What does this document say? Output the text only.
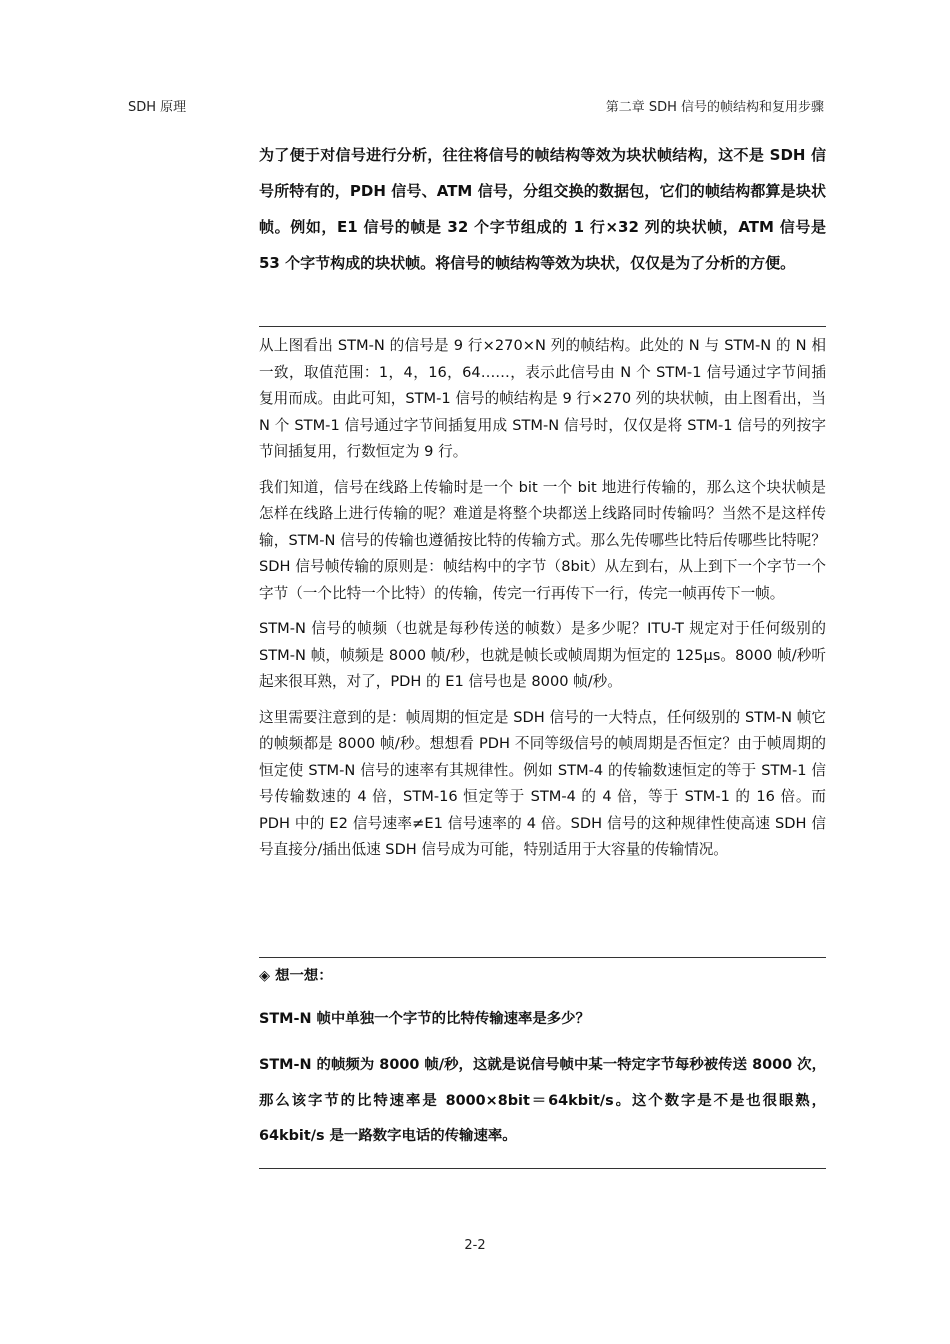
SDH 原理	第二章 SDH 信号的帧结构和复用步骤
为了便于对信号进行分析，往往将信号的帧结构等效为块状帧结构，这不是 SDH 信号所特有的，PDH 信号、ATM 信号，分组交换的数据包，它们的帧结构都算是块状帧。例如，E1 信号的帧是 32 个字节组成的 1 行×32 列的块状帧，ATM 信号是 53 个字节构成的块状帧。将信号的帧结构等效为块状，仅仅是为了分析的方便。

从上图看出 STM-N 的信号是 9 行×270×N 列的帧结构。此处的 N 与 STM-N 的 N 相一致，取值范围：1，4，16，64……，表示此信号由 N 个 STM-1 信号通过字节间插复用而成。由此可知，STM-1 信号的帧结构是 9 行×270 列的块状帧，由上图看出，当 N 个 STM-1 信号通过字节间插复用成 STM-N 信号时，仅仅是将 STM-1 信号的列按字节间插复用，行数恒定为 9 行。

我们知道，信号在线路上传输时是一个 bit 一个 bit 地进行传输的，那么这个块状帧是怎样在线路上进行传输的呢？难道是将整个块都送上线路同时传输吗？当然不是这样传输，STM-N 信号的传输也遵循按比特的传输方式。那么先传哪些比特后传哪些比特呢？SDH 信号帧传输的原则是：帧结构中的字节（8bit）从左到右，从上到下一个字节一个字节（一个比特一个比特）的传输，传完一行再传下一行，传完一帧再传下一帧。

STM-N 信号的帧频（也就是每秒传送的帧数）是多少呢？ITU-T 规定对于任何级别的 STM-N 帧，帧频是 8000 帧/秒，也就是帧长或帧周期为恒定的 125μs。8000 帧/秒听起来很耳熟，对了，PDH 的 E1 信号也是 8000 帧/秒。

这里需要注意到的是：帧周期的恒定是 SDH 信号的一大特点，任何级别的 STM-N 帧它的帧频都是 8000 帧/秒。想想看 PDH 不同等级信号的帧周期是否恒定？由于帧周期的恒定使 STM-N 信号的速率有其规律性。例如 STM-4 的传输数速恒定的等于 STM-1 信号传输数速的 4 倍，STM-16 恒定等于 STM-4 的 4 倍，等于 STM-1 的 16 倍。而 PDH 中的 E2 信号速率≠E1 信号速率的 4 倍。SDH 信号的这种规律性使高速 SDH 信号直接分/插出低速 SDH 信号成为可能，特别适用于大容量的传输情况。

◈ 想一想：
STM-N 帧中单独一个字节的比特传输速率是多少？
STM-N 的帧频为 8000 帧/秒，这就是说信号帧中某一特定字节每秒被传送 8000 次，那么该字节的比特速率是 8000×8bit＝64kbit/s。这个数字是不是也很眼熟，64kbit/s 是一路数字电话的传输速率。
2-2
